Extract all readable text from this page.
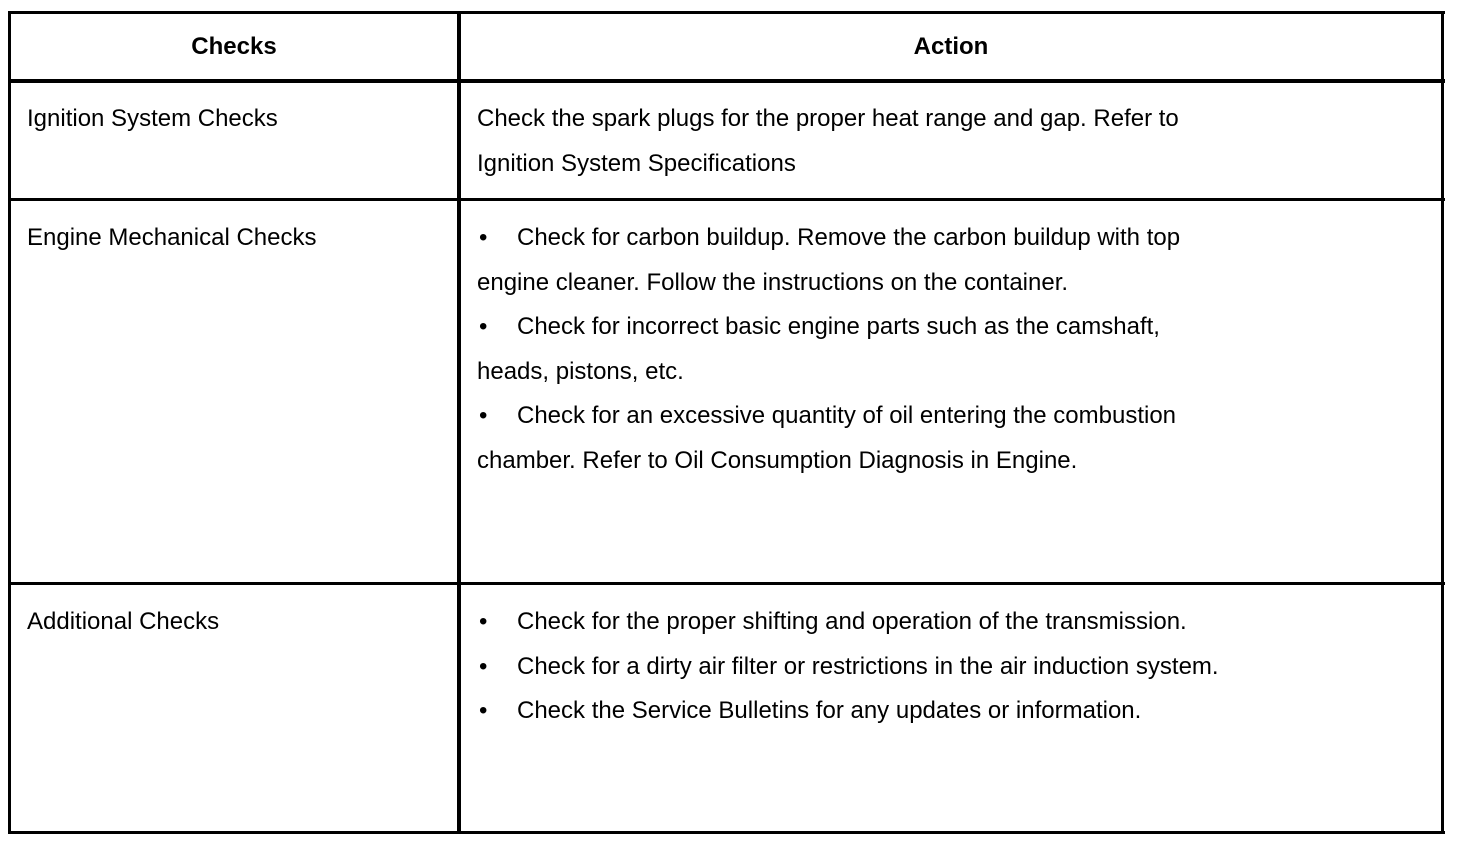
Checks	Action
Ignition System Checks	Check the spark plugs for the proper heat range and gap. Refer to
Ignition System Specifications
Engine Mechanical Checks	• Check for carbon buildup. Remove the carbon buildup with top
engine cleaner. Follow the instructions on the container.
• Check for incorrect basic engine parts such as the camshaft,
heads, pistons, etc.
• Check for an excessive quantity of oil entering the combustion
chamber. Refer to Oil Consumption Diagnosis in Engine.
Additional Checks	• Check for the proper shifting and operation of the transmission.
• Check for a dirty air filter or restrictions in the air induction system.
• Check the Service Bulletins for any updates or information.
